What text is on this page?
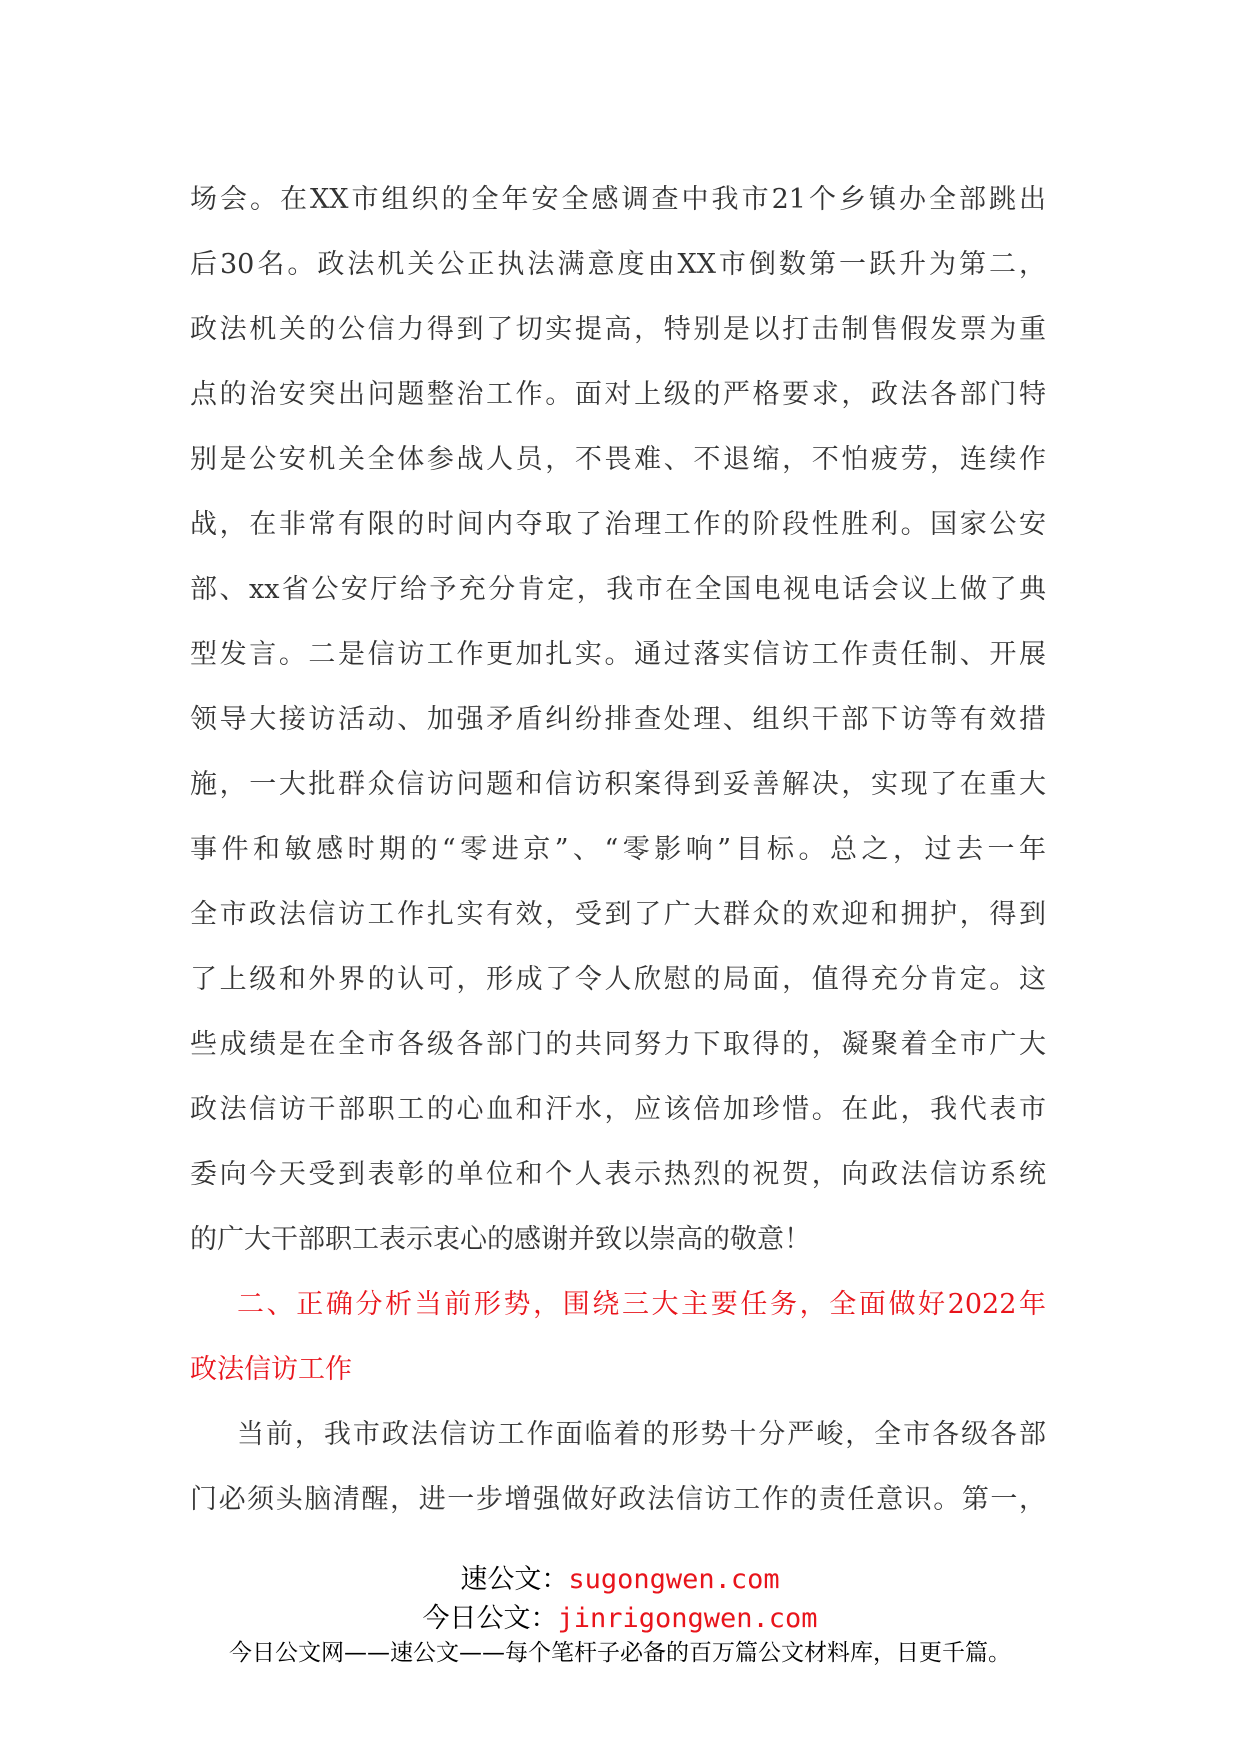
场会。在XX市组织的全年安全感调查中我市21个乡镇办全部跳出
后30名。政法机关公正执法满意度由XX市倒数第一跃升为第二，
政法机关的公信力得到了切实提高，特别是以打击制售假发票为重
点的治安突出问题整治工作。面对上级的严格要求，政法各部门特
别是公安机关全体参战人员，不畏难、不退缩，不怕疲劳，连续作
战，在非常有限的时间内夺取了治理工作的阶段性胜利。国家公安
部、xx省公安厅给予充分肯定，我市在全国电视电话会议上做了典
型发言。二是信访工作更加扎实。通过落实信访工作责任制、开展
领导大接访活动、加强矛盾纠纷排查处理、组织干部下访等有效措
施，一大批群众信访问题和信访积案得到妥善解决，实现了在重大
事件和敏感时期的“零进京”、“零影响”目标。总之，过去一年
全市政法信访工作扎实有效，受到了广大群众的欢迎和拥护，得到
了上级和外界的认可，形成了令人欣慰的局面，值得充分肯定。这
些成绩是在全市各级各部门的共同努力下取得的，凝聚着全市广大
政法信访干部职工的心血和汗水，应该倍加珍惜。在此，我代表市
委向今天受到表彰的单位和个人表示热烈的祝贺，向政法信访系统
的广大干部职工表示衷心的感谢并致以崇高的敬意！
二、正确分析当前形势，围绕三大主要任务，全面做好2022年
政法信访工作
当前，我市政法信访工作面临着的形势十分严峻，全市各级各部
门必须头脑清醒，进一步增强做好政法信访工作的责任意识。第一，
速公文：sugongwen.com
今日公文：jinrigongwen.com
今日公文网——速公文——每个笔杆子必备的百万篇公文材料库，日更千篇。
